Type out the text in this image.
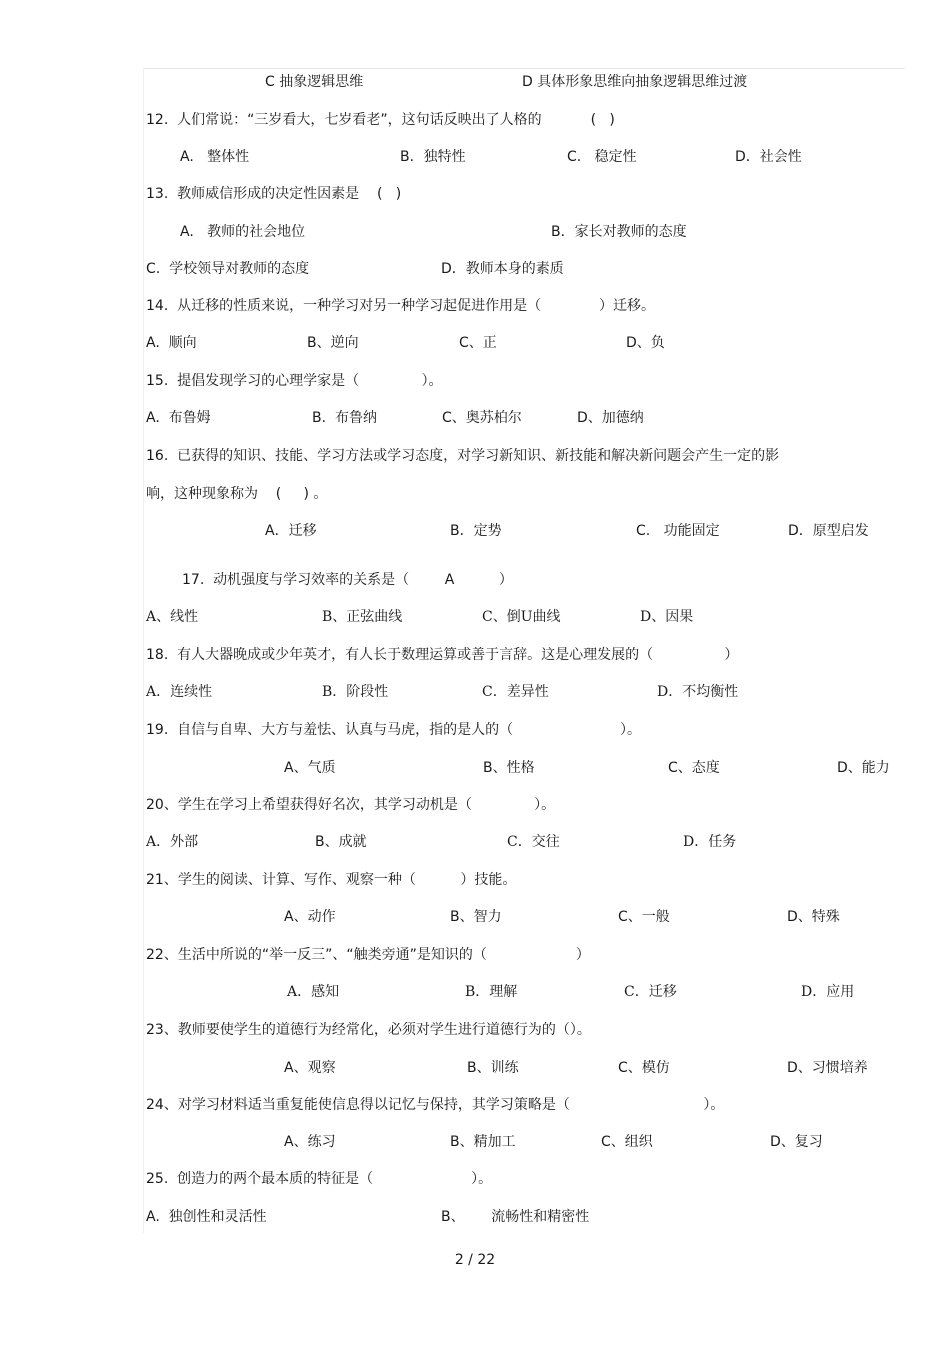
C 抽象逻辑思维	D 具体形象思维向抽象逻辑思维过渡
12.  人们常说：“三岁看大，七岁看老”，这句话反映出了人格的           (   )
A.   整体性	B．独特性	C.   稳定性	D．社会性
13.  教师威信形成的决定性因素是    (   )
A.   教师的社会地位	B．家长对教师的态度
C.  学校领导对教师的态度	D．教师本身的素质
14.  从迁移的性质来说，一种学习对另一种学习起促进作用是（             ）迁移。
A.  顺向	B、逆向	C、正	D、负
15.  提倡发现学习的心理学家是（              ）。
A.  布鲁姆	B.  布鲁纳	C、奥苏柏尔	D、加德纳
16.  已获得的知识、技能、学习方法或学习态度，对学习新知识、新技能和解决新问题会产生一定的影
响，这种现象称为    (     ) 。
A．迁移	B．定势	C.   功能固定	D．原型启发
17.  动机强度与学习效率的关系是（        A          ）
A、线性	B、正弦曲线	C、倒U曲线	D、因果
18.  有人大器晚成或少年英才，有人长于数理运算或善于言辞。这是心理发展的（                ）
A．连续性	B．阶段性	C．差异性	D．不均衡性
19.  自信与自卑、大方与羞怯、认真与马虎，指的是人的（                        ）。
A、气质	B、性格	C、态度	D、能力
20、学生在学习上希望获得好名次，其学习动机是（              ）。
A．外部	B、成就	C．交往	D．任务
21、学生的阅读、计算、写作、观察一种（          ）技能。
A、动作	B、智力	C、一般	D、特殊
22、生活中所说的“举一反三”、“触类旁通”是知识的（                    ）
A．感知	B．理解	C．迁移	D．应用
23、教师要使学生的道德行为经常化，必须对学生进行道德行为的（）。
A、观察	B、训练	C、模仿	D、习惯培养
24、对学习材料适当重复能使信息得以记忆与保持，其学习策略是（                              ）。
A、练习	B、精加工	C、组织	D、复习
25.  创造力的两个最本质的特征是（                      ）。
A.  独创性和灵活性	B、      流畅性和精密性
2 / 22
